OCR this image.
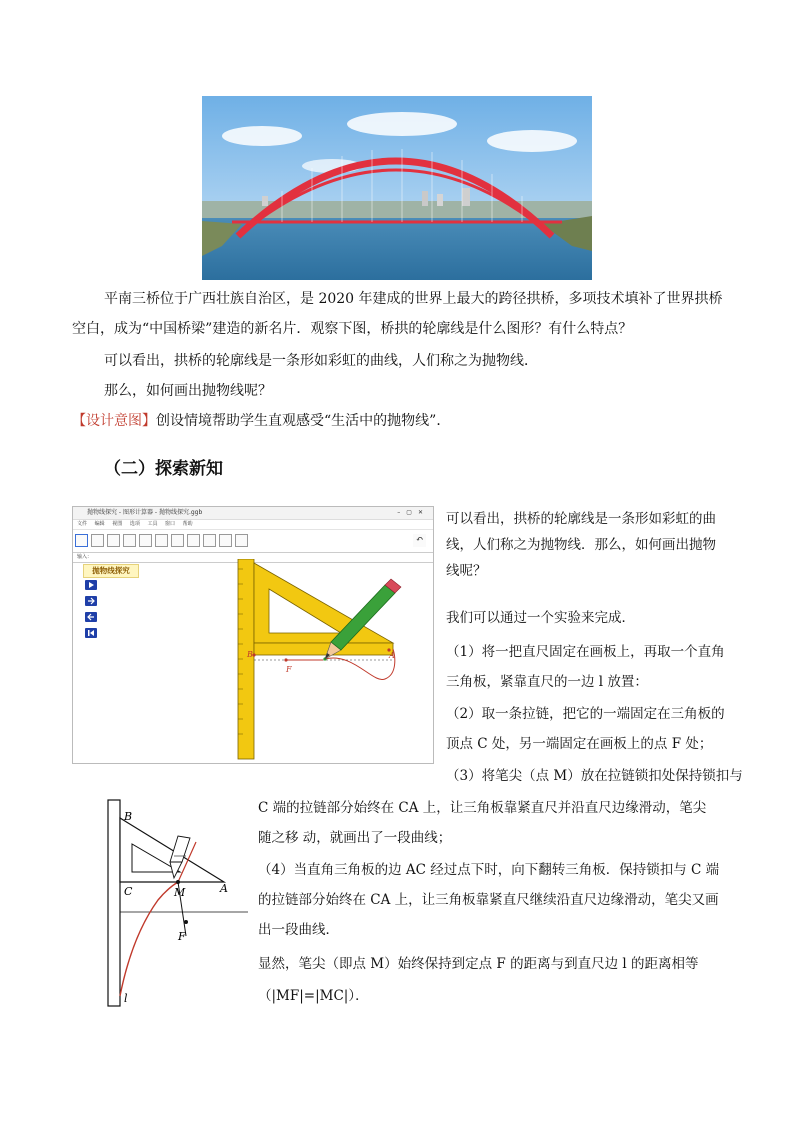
平南三桥位于广西壮族自治区，是 2020 年建成的世界上最大的跨径拱桥，多项技术填补了世界拱桥
空白，成为“中国桥梁”建造的新名片．观察下图，桥拱的轮廓线是什么图形？有什么特点？
可以看出，拱桥的轮廓线是一条形如彩虹的曲线，人们称之为抛物线．
那么，如何画出抛物线呢？
【设计意图】创设情境帮助学生直观感受“生活中的抛物线”．
（二）探索新知
抛物线探究 - 图形计算器 - 抛物线探究.ggb	–▢✕
文件 编辑 视图 选项 工具 窗口 帮助
↶
输入：
抛物线探究
B
F
A
可以看出，拱桥的轮廓线是一条形如彩虹的曲
线，人们称之为抛物线．那么，如何画出抛物
线呢？
我们可以通过一个实验来完成．
（1）将一把直尺固定在画板上，再取一个直角
三角板，紧靠直尺的一边 l 放置：
（2）取一条拉链，把它的一端固定在三角板的
顶点 C 处，另一端固定在画板上的点 F 处；
（3）将笔尖（点 M）放在拉链锁扣处保持锁扣与
B
C	M	A
F
l
C 端的拉链部分始终在 CA 上，让三角板靠紧直尺并沿直尺边缘滑动，笔尖
随之移 动，就画出了一段曲线；
（4）当直角三角板的边 AC 经过点下时，向下翻转三角板．保持锁扣与 C 端
的拉链部分始终在 CA 上，让三角板靠紧直尺继续沿直尺边缘滑动，笔尖又画
出一段曲线．
显然，笔尖（即点 M）始终保持到定点 F 的距离与到直尺边 l 的距离相等
（|MF|=|MC|）．
